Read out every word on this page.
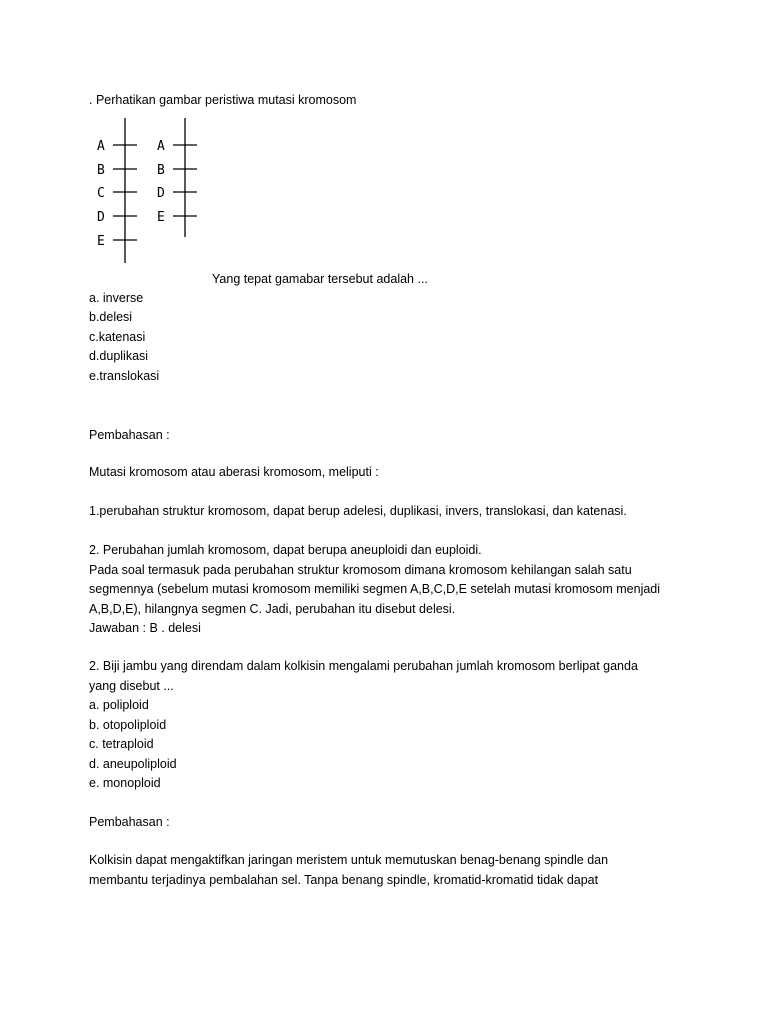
. Perhatikan gambar peristiwa mutasi kromosom
A
B
C
D
E
A
B
D
E
Yang tepat gamabar tersebut adalah ...
a. inverse
b.delesi
c.katenasi
d.duplikasi
e.translokasi
Pembahasan :
Mutasi kromosom atau aberasi kromosom, meliputi :
1.perubahan struktur kromosom, dapat berup adelesi, duplikasi, invers, translokasi, dan katenasi.
2. Perubahan jumlah kromosom, dapat berupa aneuploidi dan euploidi.
Pada soal termasuk pada perubahan struktur kromosom dimana kromosom kehilangan salah satu
segmennya (sebelum mutasi kromosom memiliki segmen A,B,C,D,E setelah mutasi kromosom menjadi
A,B,D,E), hilangnya segmen C. Jadi, perubahan itu disebut delesi.
Jawaban : B . delesi
2. Biji jambu yang direndam dalam kolkisin mengalami perubahan jumlah kromosom berlipat ganda
yang disebut ...
a. poliploid
b. otopoliploid
c. tetraploid
d. aneupoliploid
e. monoploid
Pembahasan :
Kolkisin dapat mengaktifkan jaringan meristem untuk memutuskan benag-benang spindle dan
membantu terjadinya pembalahan sel. Tanpa benang spindle, kromatid-kromatid tidak dapat
